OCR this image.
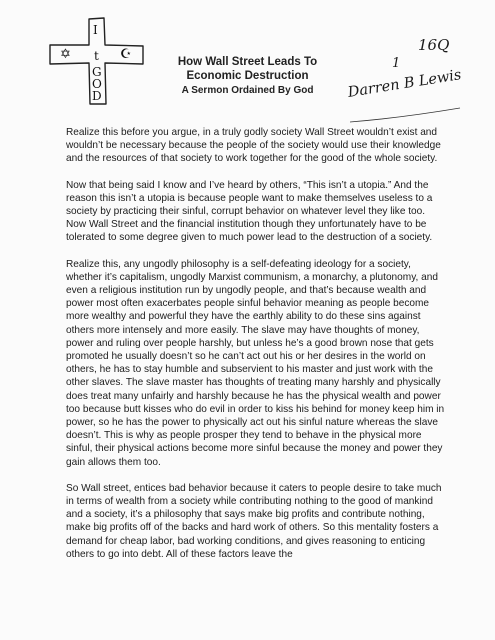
I
t
G
O
D
✡	☪	How Wall Street Leads To
Economic Destruction
A Sermon Ordained By God
16Q
1
Darren B Lewis

Realize this before you argue, in a truly godly society Wall Street wouldn’t exist and wouldn’t be necessary because the people of the society would use their knowledge and the resources of that society to work together for the good of the whole society.

Now that being said I know and I’ve heard by others, “This isn’t a utopia.” And the reason this isn’t a utopia is because people want to make themselves useless to a society by practicing their sinful, corrupt behavior on whatever level they like too. Now Wall Street and the financial institution though they unfortunately have to be tolerated to some degree given to much power lead to the destruction of a society.

Realize this, any ungodly philosophy is a self-defeating ideology for a society, whether it’s capitalism, ungodly Marxist communism, a monarchy, a plutonomy, and even a religious institution run by ungodly people, and that’s because wealth and power most often exacerbates people sinful behavior meaning as people become more wealthy and powerful they have the earthly ability to do these sins against others more intensely and more easily. The slave may have thoughts of money, power and ruling over people harshly, but unless he’s a good brown nose that gets promoted he usually doesn’t so he can’t act out his or her desires in the world on others, he has to stay humble and subservient to his master and just work with the other slaves. The slave master has thoughts of treating many harshly and physically does treat many unfairly and harshly because he has the physical wealth and power too because butt kisses who do evil in order to kiss his behind for money keep him in power, so he has the power to physically act out his sinful nature whereas the slave doesn’t. This is why as people prosper they tend to behave in the physical more sinful, their physical actions become more sinful because the money and power they gain allows them too.

So Wall street, entices bad behavior because it caters to people desire to take much in terms of wealth from a society while contributing nothing to the good of mankind and a society, it’s a philosophy that says make big profits and contribute nothing, make big profits off of the backs and hard work of others. So this mentality fosters a demand for cheap labor, bad working conditions, and gives reasoning to enticing others to go into debt. All of these factors leave the
